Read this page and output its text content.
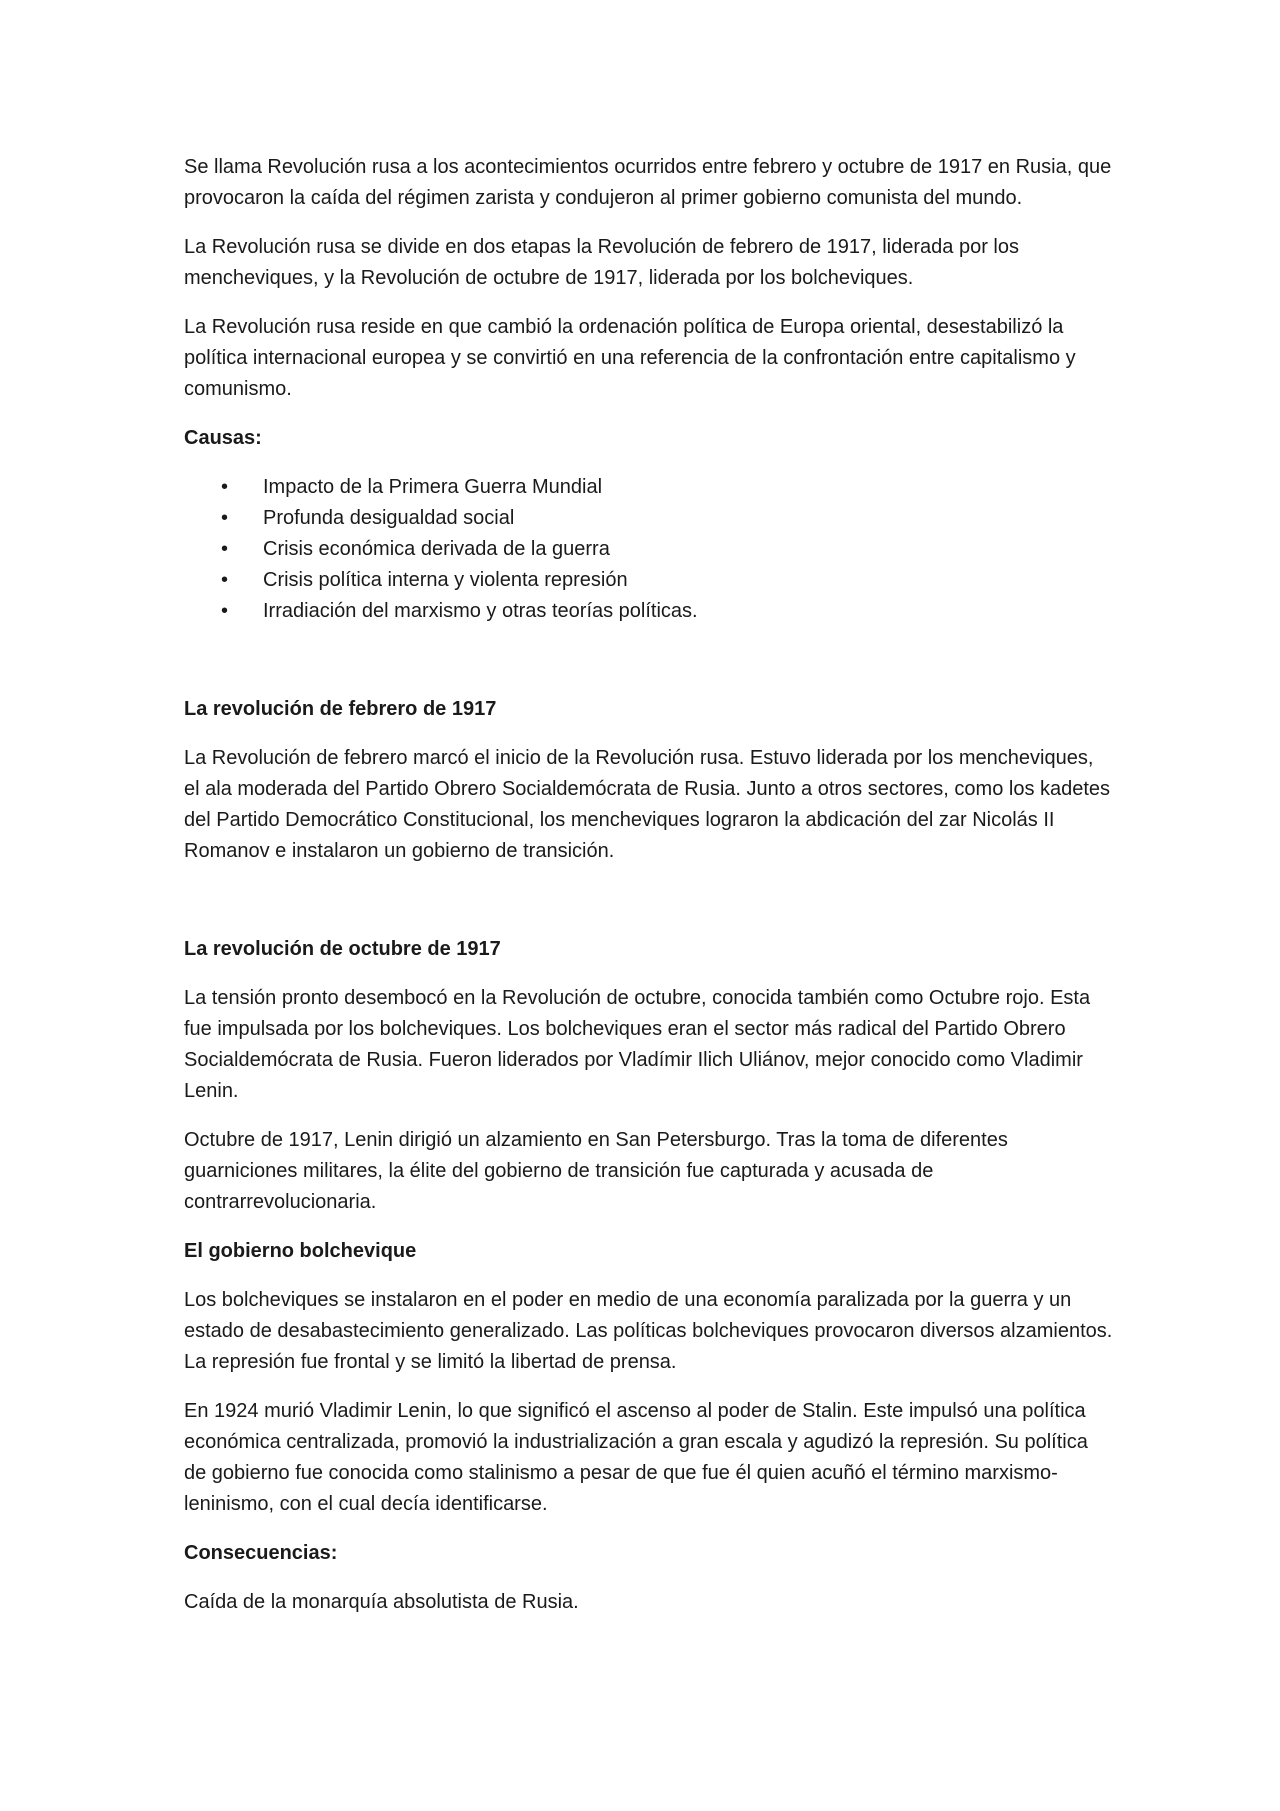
Se llama Revolución rusa a los acontecimientos ocurridos entre febrero y octubre de 1917 en Rusia, que provocaron la caída del régimen zarista y condujeron al primer gobierno comunista del mundo.

La Revolución rusa se divide en dos etapas la Revolución de febrero de 1917, liderada por los mencheviques, y la Revolución de octubre de 1917, liderada por los bolcheviques.

La Revolución rusa reside en que cambió la ordenación política de Europa oriental, desestabilizó la política internacional europea y se convirtió en una referencia de la confrontación entre capitalismo y comunismo.

Causas:

• Impacto de la Primera Guerra Mundial
• Profunda desigualdad social
• Crisis económica derivada de la guerra
• Crisis política interna y violenta represión
• Irradiación del marxismo y otras teorías políticas.

La revolución de febrero de 1917

La Revolución de febrero marcó el inicio de la Revolución rusa. Estuvo liderada por los mencheviques, el ala moderada del Partido Obrero Socialdemócrata de Rusia. Junto a otros sectores, como los kadetes del Partido Democrático Constitucional, los mencheviques lograron la abdicación del zar Nicolás II Romanov e instalaron un gobierno de transición.

La revolución de octubre de 1917

La tensión pronto desembocó en la Revolución de octubre, conocida también como Octubre rojo. Esta fue impulsada por los bolcheviques. Los bolcheviques eran el sector más radical del Partido Obrero Socialdemócrata de Rusia. Fueron liderados por Vladímir Ilich Uliánov, mejor conocido como Vladimir Lenin.

Octubre de 1917, Lenin dirigió un alzamiento en San Petersburgo. Tras la toma de diferentes guarniciones militares, la élite del gobierno de transición fue capturada y acusada de contrarrevolucionaria.

El gobierno bolchevique

Los bolcheviques se instalaron en el poder en medio de una economía paralizada por la guerra y un estado de desabastecimiento generalizado. Las políticas bolcheviques provocaron diversos alzamientos. La represión fue frontal y se limitó la libertad de prensa.

En 1924 murió Vladimir Lenin, lo que significó el ascenso al poder de Stalin. Este impulsó una política económica centralizada, promovió la industrialización a gran escala y agudizó la represión. Su política de gobierno fue conocida como stalinismo a pesar de que fue él quien acuñó el término marxismo-leninismo, con el cual decía identificarse.

Consecuencias:

Caída de la monarquía absolutista de Rusia.
